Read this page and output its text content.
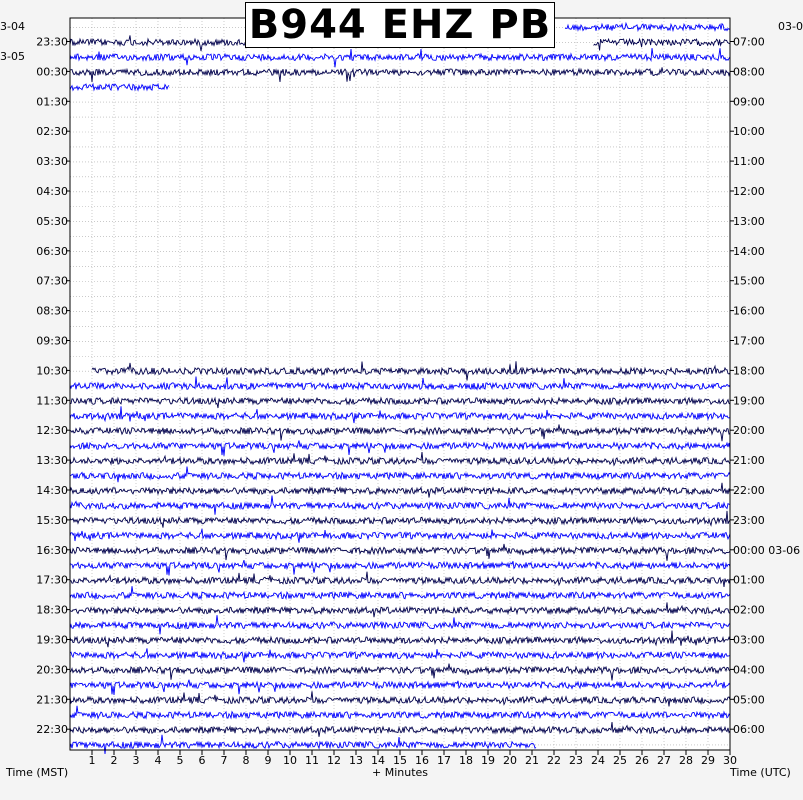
1 2 3 4 5 6 7 8 9 10 11 12 13 14 15 16 17 18 19 20 21 22 23 24 25 26 27 28 29 30
23:30
00:30
01:30
02:30
03:30
04:30
05:30
06:30
07:30
08:30
09:30
10:30
11:30
12:30
13:30
14:30
15:30
16:30
17:30
18:30
19:30
20:30
21:30
22:30
07:00
08:00
09:00
10:00
11:00
12:00
13:00
14:00
15:00
16:00
17:00
18:00
19:00
20:00
21:00
22:00
23:00
00:00 03-06
01:00
02:00
03:00
04:00
05:00
06:00
B944 EHZ PB
3-04
3-05
03-0
Time (MST)	+ Minutes	Time (UTC)
